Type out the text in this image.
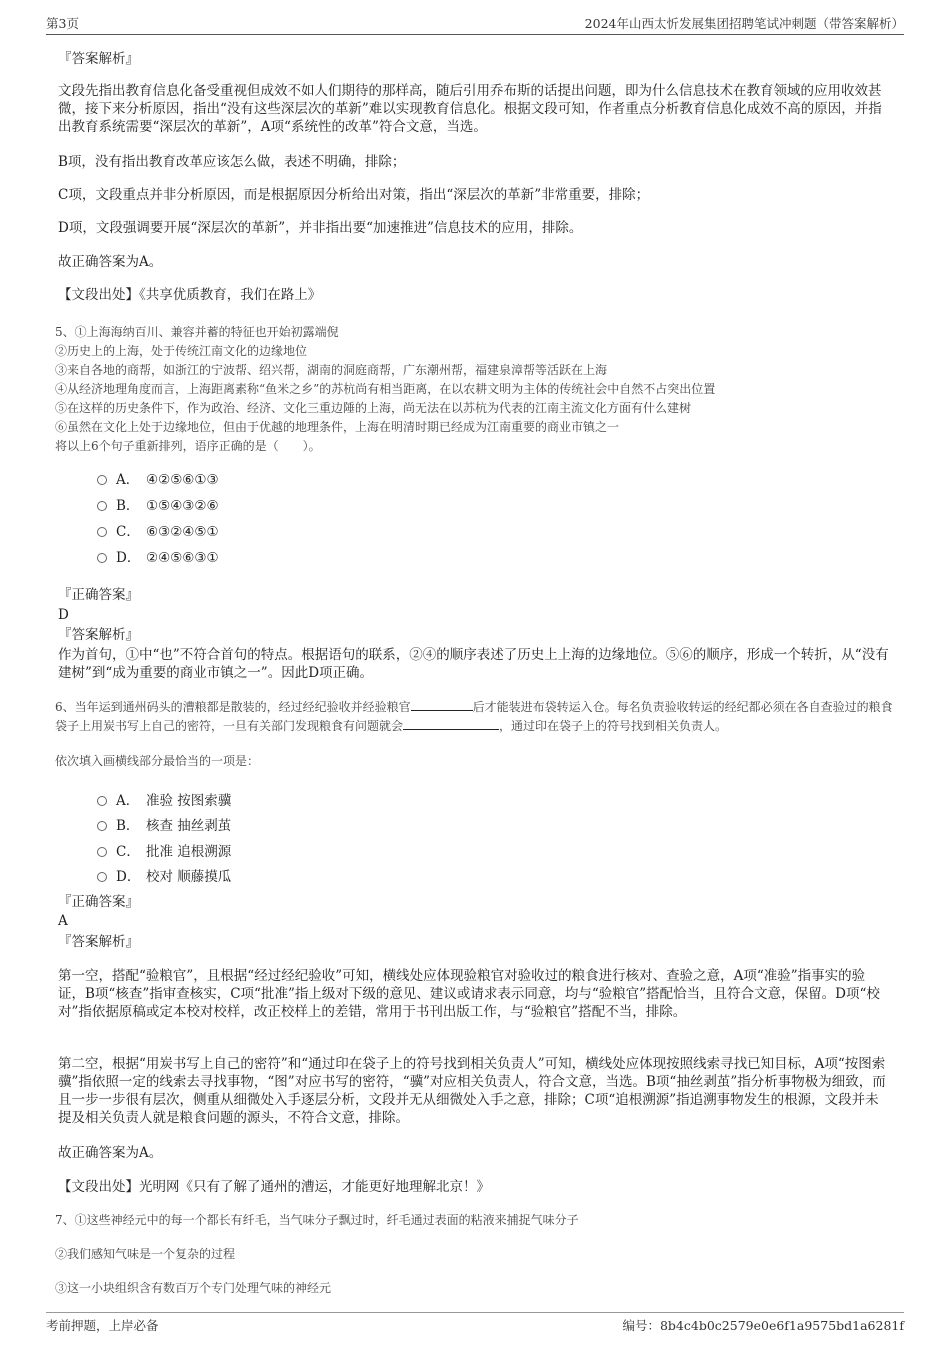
第3页	2024年山西太忻发展集团招聘笔试冲刺题（带答案解析）
『答案解析』
文段先指出教育信息化备受重视但成效不如人们期待的那样高，随后引用乔布斯的话提出问题，即为什么信息技术在教育领域的应用收效甚微，接下来分析原因，指出“没有这些深层次的革新”难以实现教育信息化。根据文段可知，作者重点分析教育信息化成效不高的原因，并指出教育系统需要“深层次的革新”，A项“系统性的改革”符合文意，当选。
B项，没有指出教育改革应该怎么做，表述不明确，排除；
C项，文段重点并非分析原因，而是根据原因分析给出对策，指出“深层次的革新”非常重要，排除；
D项，文段强调要开展“深层次的革新”，并非指出要“加速推进”信息技术的应用，排除。
故正确答案为A。
【文段出处】《共享优质教育，我们在路上》
5、①上海海纳百川、兼容并蓄的特征也开始初露端倪
②历史上的上海，处于传统江南文化的边缘地位
③来自各地的商帮，如浙江的宁波帮、绍兴帮，湖南的洞庭商帮，广东潮州帮，福建泉漳帮等活跃在上海
④从经济地理角度而言，上海距离素称“鱼米之乡”的苏杭尚有相当距离，在以农耕文明为主体的传统社会中自然不占突出位置
⑤在这样的历史条件下，作为政治、经济、文化三重边陲的上海，尚无法在以苏杭为代表的江南主流文化方面有什么建树
⑥虽然在文化上处于边缘地位，但由于优越的地理条件，上海在明清时期已经成为江南重要的商业市镇之一
将以上6个句子重新排列，语序正确的是（　　）。
A． ④②⑤⑥①③
B． ①⑤④③②⑥
C． ⑥③②④⑤①
D． ②④⑤⑥③①
『正确答案』
D
『答案解析』
作为首句，①中“也”不符合首句的特点。根据语句的联系，②④的顺序表述了历史上上海的边缘地位。⑤⑥的顺序，形成一个转折，从“没有建树”到“成为重要的商业市镇之一”。因此D项正确。
6、当年运到通州码头的漕粮都是散装的，经过经纪验收并经验粮官	后才能装进布袋转运入仓。每名负责验收转运的经纪都必须在各自查验过的粮食袋子上用炭书写上自己的密符，一旦有关部门发现粮食有问题就会	，通过印在袋子上的符号找到相关负责人。
依次填入画横线部分最恰当的一项是：
A． 准验 按图索骥
B． 核查 抽丝剥茧
C． 批准 追根溯源
D． 校对 顺藤摸瓜
『正确答案』
A
『答案解析』
第一空，搭配“验粮官”，且根据“经过经纪验收”可知，横线处应体现验粮官对验收过的粮食进行核对、查验之意，A项“准验”指事实的验证，B项“核查”指审查核实，C项“批准”指上级对下级的意见、建议或请求表示同意，均与“验粮官”搭配恰当，且符合文意，保留。D项“校对”指依据原稿或定本校对校样，改正校样上的差错，常用于书刊出版工作，与“验粮官”搭配不当，排除。
第二空，根据“用炭书写上自己的密符”和“通过印在袋子上的符号找到相关负责人”可知，横线处应体现按照线索寻找已知目标，A项“按图索骥”指依照一定的线索去寻找事物，“图”对应书写的密符，“骥”对应相关负责人，符合文意，当选。B项“抽丝剥茧”指分析事物极为细致，而且一步一步很有层次，侧重从细微处入手逐层分析，文段并无从细微处入手之意，排除；C项“追根溯源”指追溯事物发生的根源，文段并未提及相关负责人就是粮食问题的源头，不符合文意，排除。
故正确答案为A。
【文段出处】光明网《只有了解了通州的漕运，才能更好地理解北京！》
7、①这些神经元中的每一个都长有纤毛，当气味分子飘过时，纤毛通过表面的粘液来捕捉气味分子
②我们感知气味是一个复杂的过程
③这一小块组织含有数百万个专门处理气味的神经元
考前押题，上岸必备	编号：8b4c4b0c2579e0e6f1a9575bd1a6281f
